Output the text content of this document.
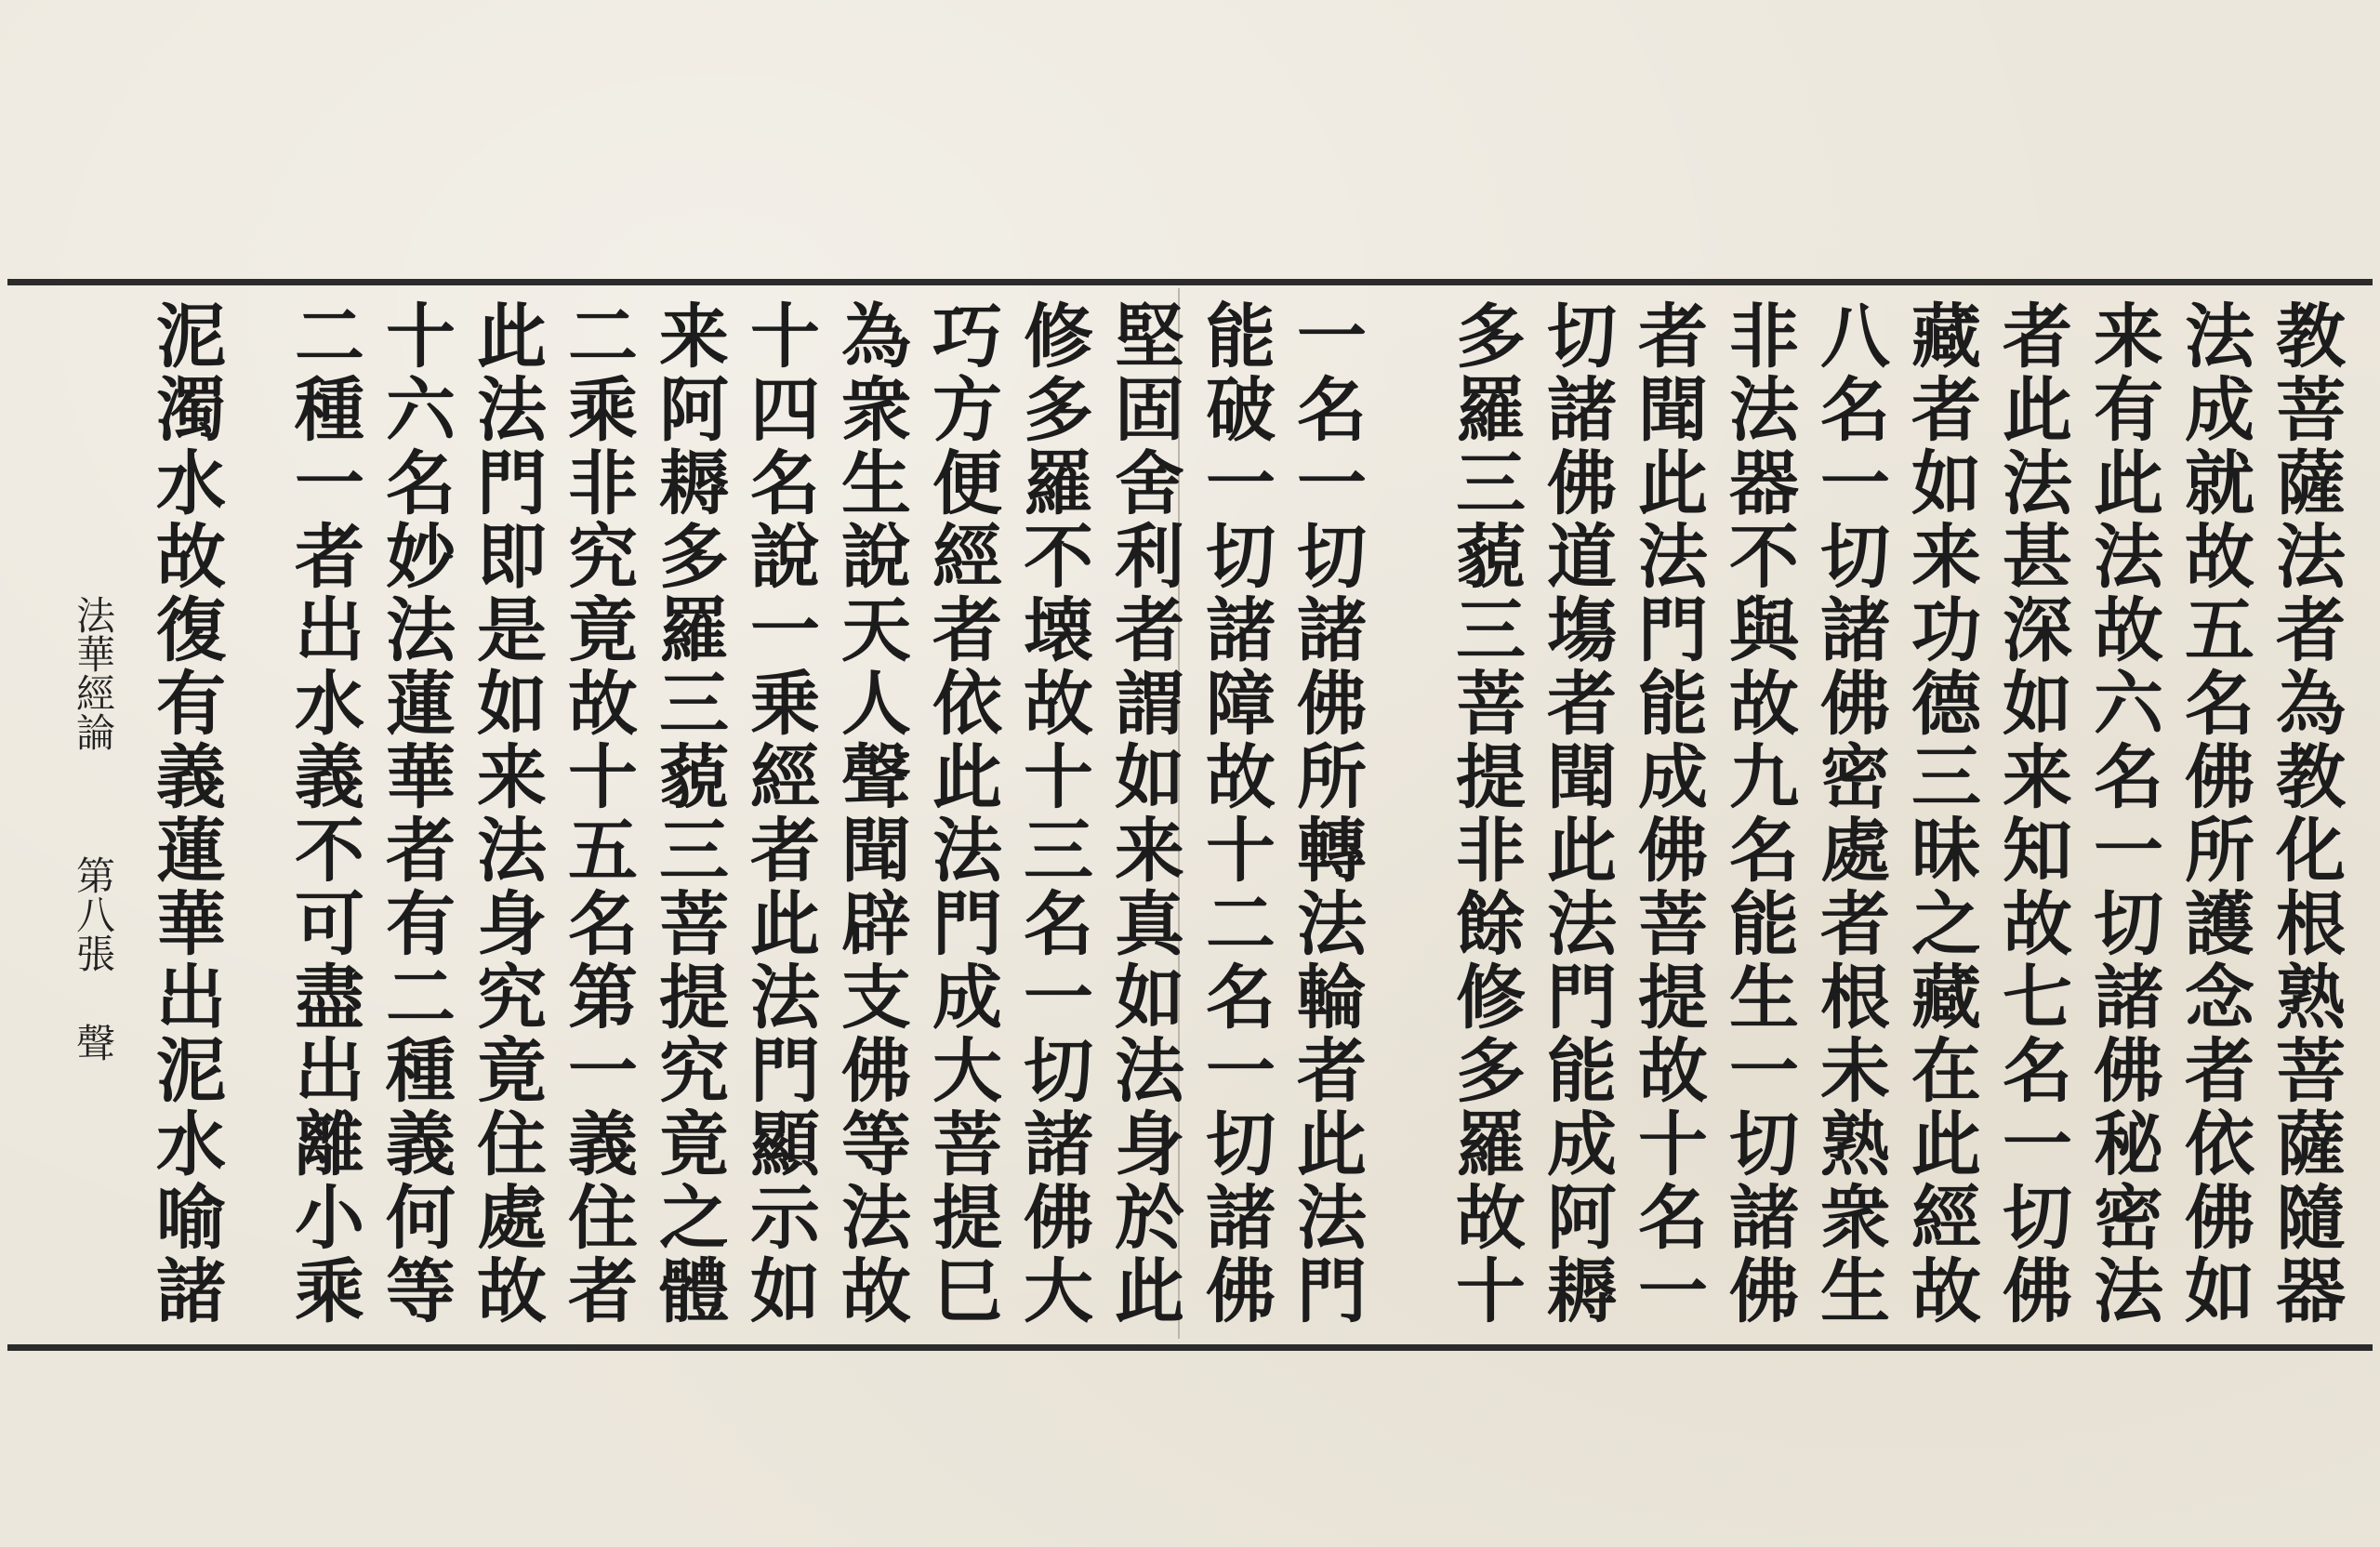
教菩薩法者為教化根熟菩薩隨器
法成就故五名佛所護念者依佛如
来有此法故六名一切諸佛秘密法
者此法甚深如来知故七名一切佛
藏者如来功德三昧之藏在此經故
八名一切諸佛密處者根未熟衆生
非法器不與故九名能生一切諸佛
者聞此法門能成佛菩提故十名一
切諸佛道塲者聞此法門能成阿耨
多羅三藐三菩提非餘修多羅故十
一名一切諸佛所轉法輪者此法門
能破一切諸障故十二名一切諸佛
堅固舍利者謂如来真如法身於此
修多羅不壊故十三名一切諸佛大
巧方便經者依此法門成大菩提巳
為衆生說天人聲聞辟支佛等法故
十四名說一乗經者此法門顯示如
来阿耨多羅三藐三菩提究竟之體
二乘非究竟故十五名第一義住者
此法門即是如来法身究竟住處故
十六名妙法蓮華者有二種義何等
二種一者出水義不可盡出離小乘
泥濁水故復有義蓮華出泥水喻諸
法華經論
第八張
聲
